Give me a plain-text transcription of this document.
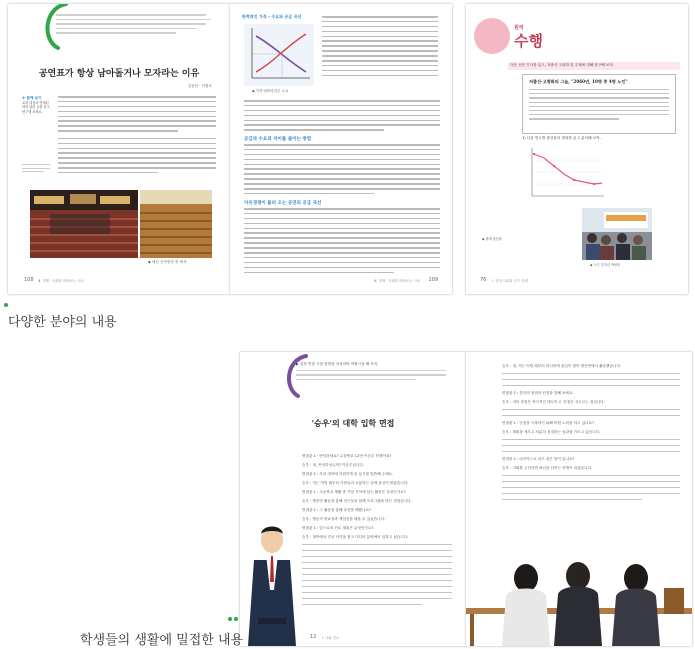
공연표가 항상 남아돌거나 모자라는 이유
김동민 · 이철호
❖ 함께 보기
교과 내용과 연계된 과학 관련 글을 읽고 탐구해 보세요.
◆ 매진 공연장과 빈 좌석
108 Ⅲ. 경제 · 사회를 바라보는 시선
탄력적인 가격 – 수요와 공급 곡선
◆ 가격 변화에 따른 수요
공급과 수요의 차이를 줄이는 방법
자유경쟁이 불러 오는 공연의 공급 곡선
Ⅲ. 경제 · 사회를 바라보는 시선 109
원리
수행
다음 신문 기사를 읽고, 저출산 고령화 및 주제에 대해 탐구해 보자.
저출산·고령화의 그늘, "2060년, 10명 중 4명 노인"
1) 다음 연도별 출산율의 변화를 읽고 분석해 보자.
◆ 합계 출산율
◆ 노인 일자리 박람회
76 Ⅰ. 현대 사회와 인구 문제
다양한 분야의 내용
▶ 입학 면접 시험 장면을 상상하며 역할극을 해 보자.
'승우'의 대학 입학 면접
면접관 1 : 안녕하세요? 수험번호 12번 이승우 학생이죠?
승우 : 네, 안녕하십니까? 이승우입니다.
면접관 2 : 우리 대학에 지원하게 된 동기를 말씀해 주세요.
승우 : 저는 어릴 때부터 사람들과 소통하는 일에 관심이 많았습니다.
면접관 1 : 고등학교 생활 중 가장 기억에 남는 활동은 무엇인가요?
승우 : 방송반 활동을 통해 친구들과 함께 프로그램을 만든 경험입니다.
면접관 2 : 그 활동을 통해 무엇을 배웠나요?
승우 : 협동의 중요성과 책임감을 배울 수 있었습니다.
면접관 1 : 앞으로의 진로 계획은 무엇인가요?
승우 : 대학에서 전공 지식을 쌓고 미디어 분야에서 일하고 싶습니다.
12 Ⅰ. 나와 진로
승우 : 네, 저는 어릴 때부터 미디어에 관심이 많아 방송반에서 활동했습니다.
면접관 2 : 본인의 장점과 단점을 말해 보세요.
승우 : 저의 장점은 적극적인 태도이고, 단점은 서두르는 점입니다.
면접관 1 : 단점을 극복하기 위해 어떤 노력을 하고 있나요?
승우 : 계획을 세우고 차분히 점검하는 습관을 기르고 있습니다.
면접관 2 : 마지막으로 하고 싶은 말이 있나요?
승우 : 기회를 주신다면 최선을 다하는 학생이 되겠습니다.
학생들의 생활에 밀접한 내용
